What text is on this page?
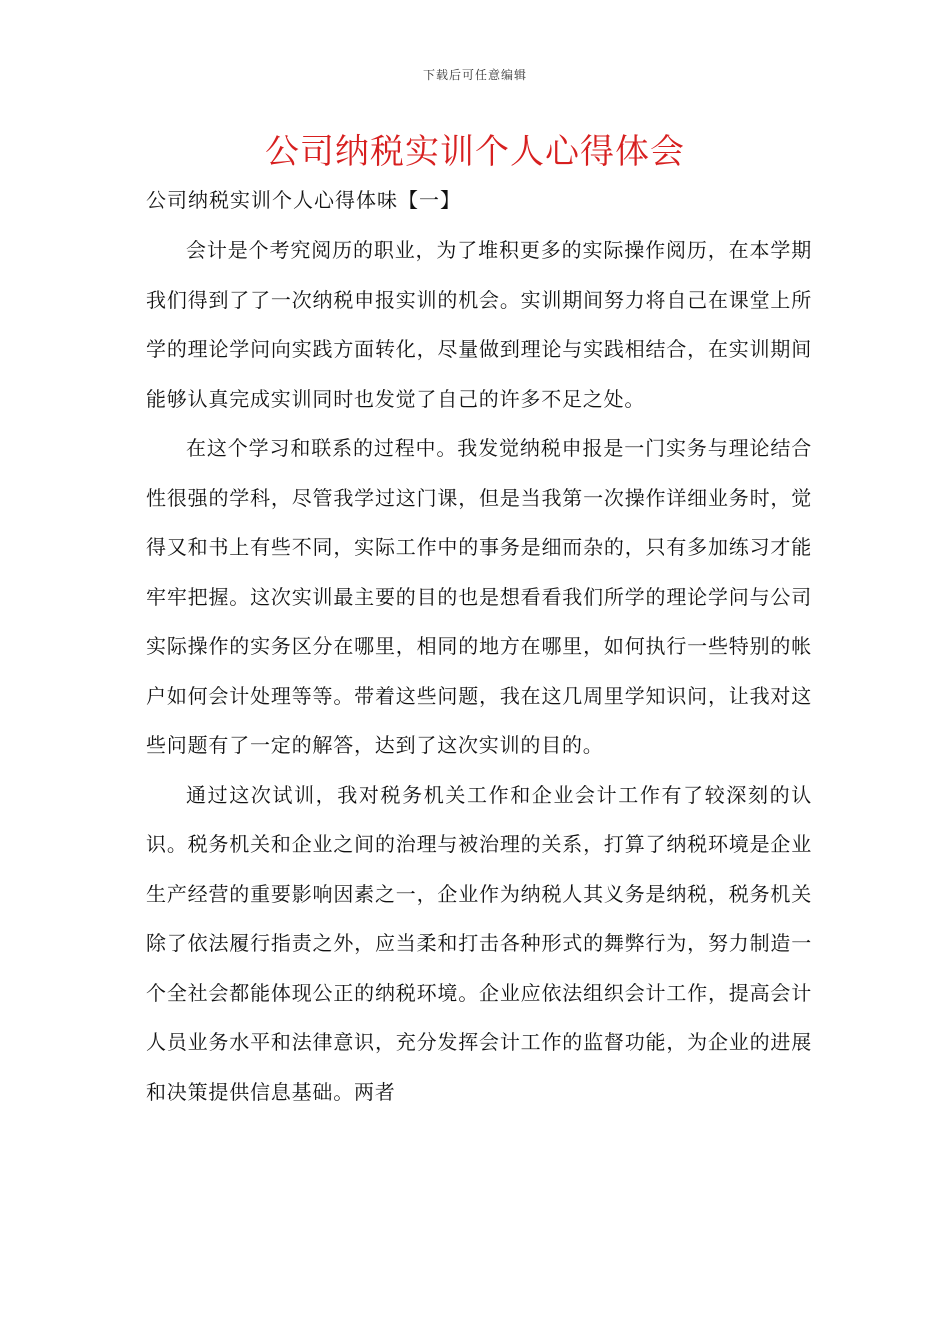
下载后可任意编辑
公司纳税实训个人心得体会
公司纳税实训个人心得体味【一】

会计是个考究阅历的职业，为了堆积更多的实际操作阅历，在本学期我们得到了了一次纳税申报实训的机会。实训期间努力将自己在课堂上所学的理论学问向实践方面转化，尽量做到理论与实践相结合，在实训期间能够认真完成实训同时也发觉了自己的许多不足之处。

在这个学习和联系的过程中。我发觉纳税申报是一门实务与理论结合性很强的学科，尽管我学过这门课，但是当我第一次操作详细业务时，觉得又和书上有些不同，实际工作中的事务是细而杂的，只有多加练习才能牢牢把握。这次实训最主要的目的也是想看看我们所学的理论学问与公司实际操作的实务区分在哪里，相同的地方在哪里，如何执行一些特别的帐户如何会计处理等等。带着这些问题，我在这几周里学知识问，让我对这些问题有了一定的解答，达到了这次实训的目的。

通过这次试训，我对税务机关工作和企业会计工作有了较深刻的认识。税务机关和企业之间的治理与被治理的关系，打算了纳税环境是企业生产经营的重要影响因素之一，企业作为纳税人其义务是纳税，税务机关除了依法履行指责之外，应当柔和打击各种形式的舞弊行为，努力制造一个全社会都能体现公正的纳税环境。企业应依法组织会计工作，提高会计人员业务水平和法律意识，充分发挥会计工作的监督功能，为企业的进展和决策提供信息基础。两者
